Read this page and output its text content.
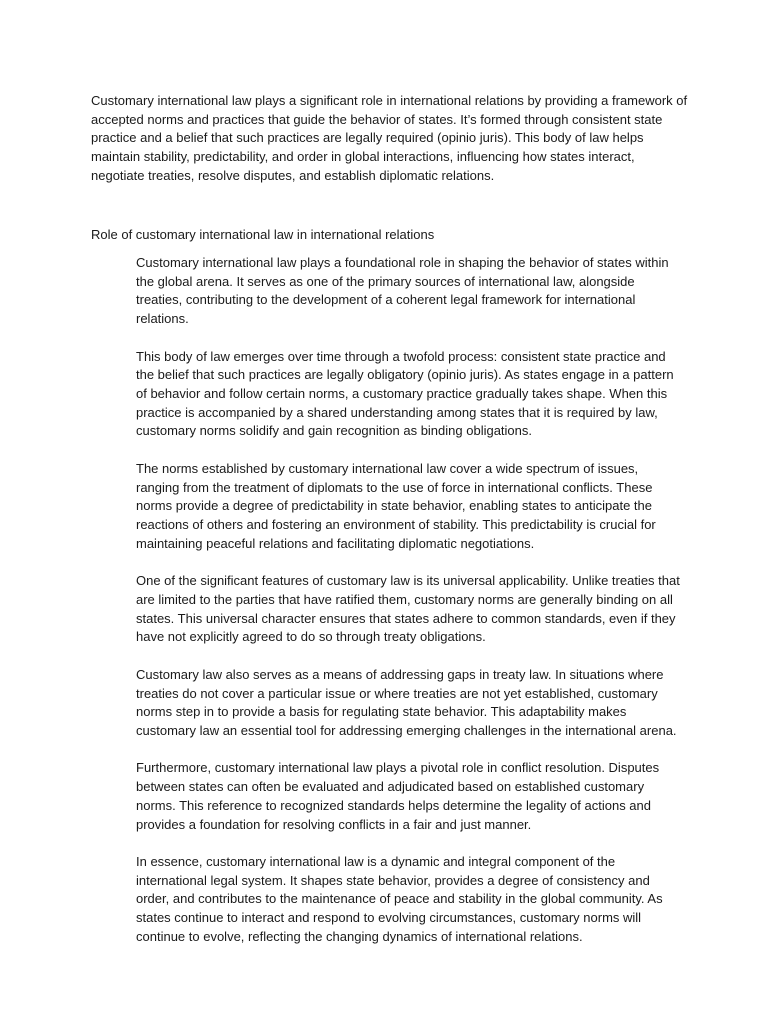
Customary international law plays a significant role in international relations by providing a framework of accepted norms and practices that guide the behavior of states. It’s formed through consistent state practice and a belief that such practices are legally required (opinio juris). This body of law helps maintain stability, predictability, and order in global interactions, influencing how states interact, negotiate treaties, resolve disputes, and establish diplomatic relations.

Role of customary international law in international relations

Customary international law plays a foundational role in shaping the behavior of states within the global arena. It serves as one of the primary sources of international law, alongside treaties, contributing to the development of a coherent legal framework for international relations.

This body of law emerges over time through a twofold process: consistent state practice and the belief that such practices are legally obligatory (opinio juris). As states engage in a pattern of behavior and follow certain norms, a customary practice gradually takes shape. When this practice is accompanied by a shared understanding among states that it is required by law, customary norms solidify and gain recognition as binding obligations.

The norms established by customary international law cover a wide spectrum of issues, ranging from the treatment of diplomats to the use of force in international conflicts. These norms provide a degree of predictability in state behavior, enabling states to anticipate the reactions of others and fostering an environment of stability. This predictability is crucial for maintaining peaceful relations and facilitating diplomatic negotiations.

One of the significant features of customary law is its universal applicability. Unlike treaties that are limited to the parties that have ratified them, customary norms are generally binding on all states. This universal character ensures that states adhere to common standards, even if they have not explicitly agreed to do so through treaty obligations.

Customary law also serves as a means of addressing gaps in treaty law. In situations where treaties do not cover a particular issue or where treaties are not yet established, customary norms step in to provide a basis for regulating state behavior. This adaptability makes customary law an essential tool for addressing emerging challenges in the international arena.

Furthermore, customary international law plays a pivotal role in conflict resolution. Disputes between states can often be evaluated and adjudicated based on established customary norms. This reference to recognized standards helps determine the legality of actions and provides a foundation for resolving conflicts in a fair and just manner.

In essence, customary international law is a dynamic and integral component of the international legal system. It shapes state behavior, provides a degree of consistency and order, and contributes to the maintenance of peace and stability in the global community. As states continue to interact and respond to evolving circumstances, customary norms will continue to evolve, reflecting the changing dynamics of international relations.
